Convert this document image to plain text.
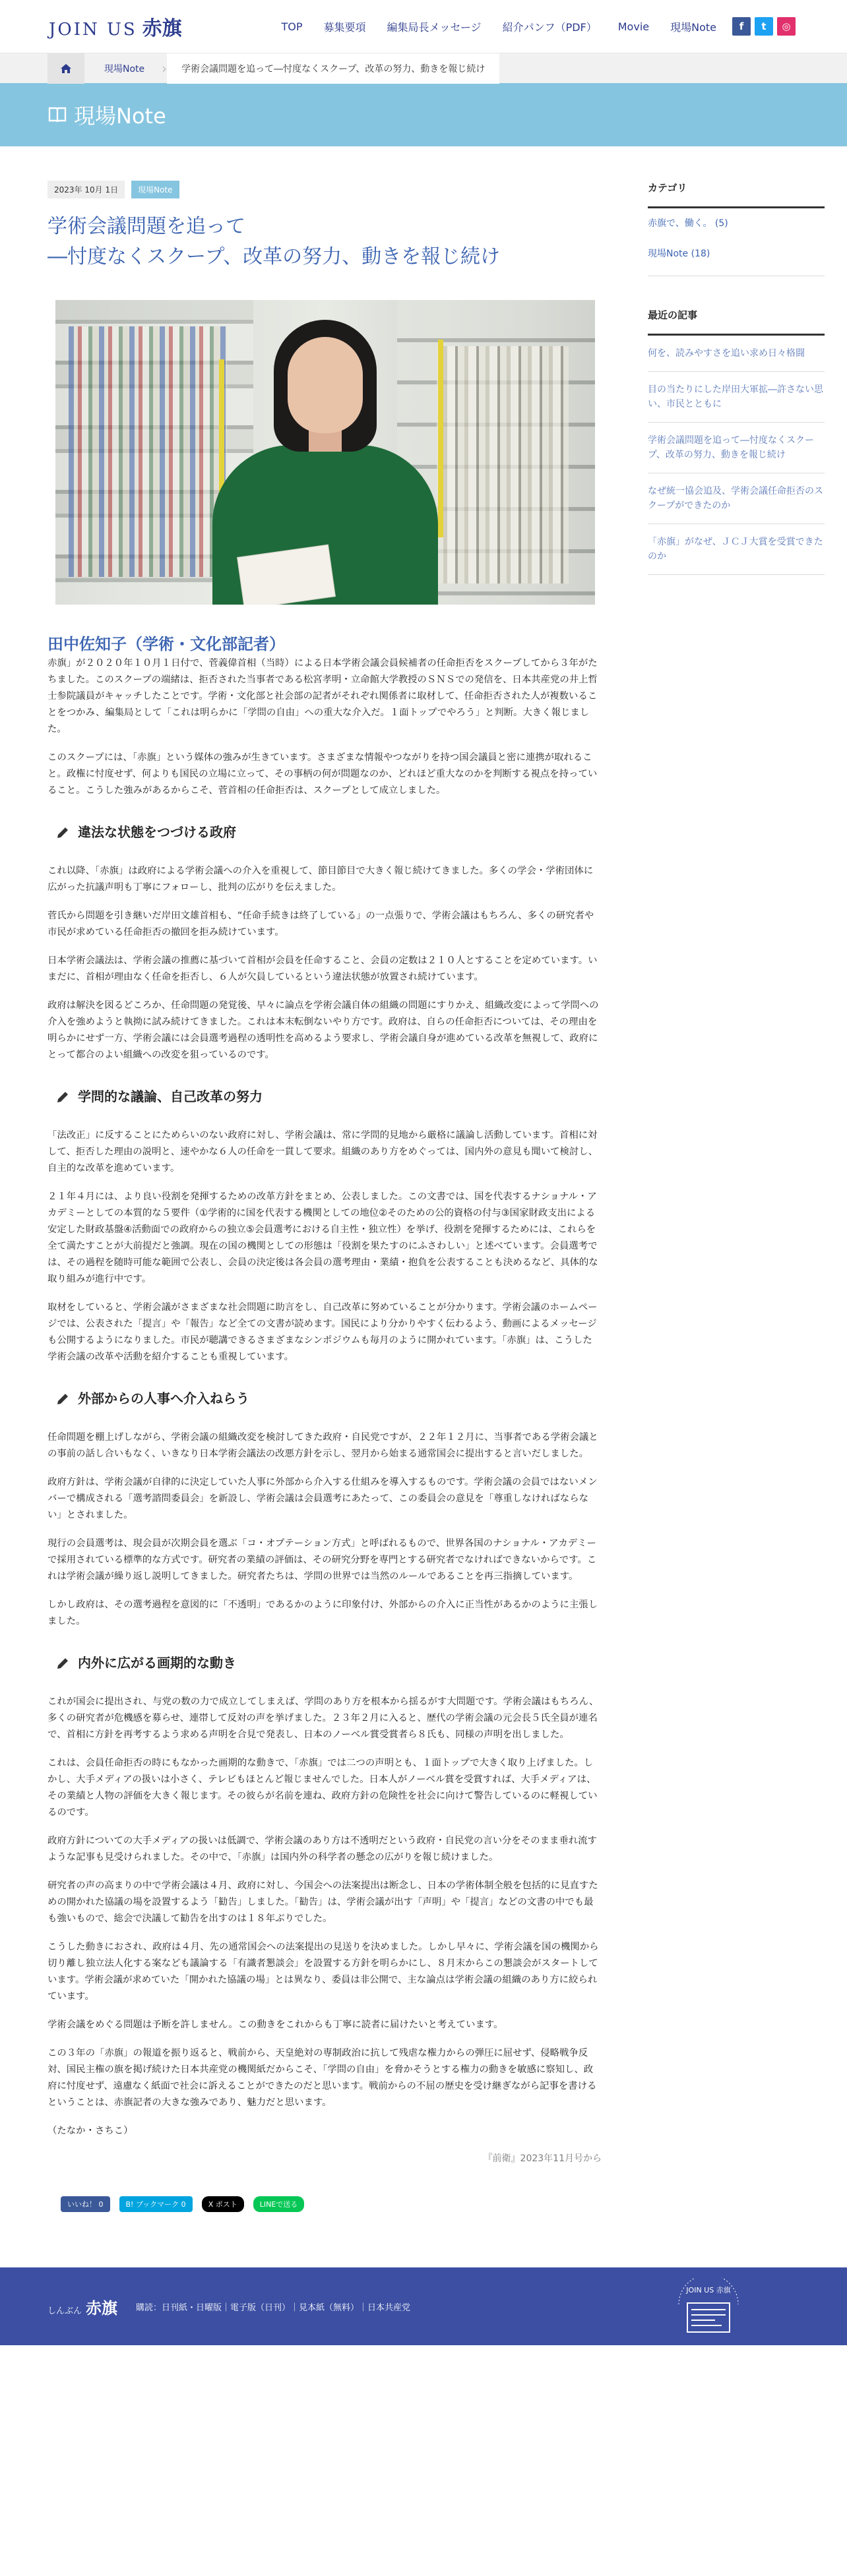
JOIN US 赤旗	TOP 募集要項 編集局長メッセージ 紹介パンフ（PDF） Movie 現場Note	f	t	◎
現場Note	›	学術会議問題を追って―忖度なくスクープ、改革の努力、動きを報じ続け
現場Note
2023年 10月 1日	現場Note
学術会議問題を追って
―忖度なくスクープ、改革の努力、動きを報じ続け
田中佐知子（学術・文化部記者）

赤旗」が２０２０年１０月１日付で、菅義偉首相（当時）による日本学術会議会員候補者の任命拒否をスクープしてから３年がたちました。このスクープの端緒は、拒否された当事者である松宮孝明・立命館大学教授のＳＮＳでの発信を、日本共産党の井上哲士参院議員がキャッチしたことです。学術・文化部と社会部の記者がそれぞれ関係者に取材して、任命拒否された人が複数いることをつかみ、編集局として「これは明らかに「学問の自由」への重大な介入だ。１面トップでやろう」と判断。大きく報じました。

このスクープには、「赤旗」という媒体の強みが生きています。さまざまな情報やつながりを持つ国会議員と密に連携が取れること。政権に忖度せず、何よりも国民の立場に立って、その事柄の何が問題なのか、どれほど重大なのかを判断する視点を持っていること。こうした強みがあるからこそ、菅首相の任命拒否は、スクープとして成立しました。

違法な状態をつづける政府

これ以降、「赤旗」は政府による学術会議への介入を重視して、節目節目で大きく報じ続けてきました。多くの学会・学術団体に広がった抗議声明も丁寧にフォローし、批判の広がりを伝えました。

菅氏から問題を引き継いだ岸田文雄首相も、“任命手続きは終了している」の一点張りで、学術会議はもちろん、多くの研究者や市民が求めている任命拒否の撤回を拒み続けています。

日本学術会議法は、学術会議の推薦に基づいて首相が会員を任命すること、会員の定数は２１０人とすることを定めています。いまだに、首相が理由なく任命を拒否し、６人が欠員しているという違法状態が放置され続けています。

政府は解決を図るどころか、任命問題の発覚後、早々に論点を学術会議自体の組織の問題にすりかえ、組織改変によって学問への介入を強めようと執拗に試み続けてきました。これは本末転倒ないやり方です。政府は、自らの任命拒否については、その理由を明らかにせず一方、学術会議には会員選考過程の透明性を高めるよう要求し、学術会議自身が進めている改革を無視して、政府にとって都合のよい組織への改変を狙っているのです。

学問的な議論、自己改革の努力

「法改正」に反することにためらいのない政府に対し、学術会議は、常に学問的見地から厳格に議論し活動しています。首相に対して、拒否した理由の説明と、速やかな６人の任命を一貫して要求。組織のあり方をめぐっては、国内外の意見も聞いて検討し、自主的な改革を進めています。

２１年４月には、より良い役割を発揮するための改革方針をまとめ、公表しました。この文書では、国を代表するナショナル・アカデミーとしての本質的な５要件（①学術的に国を代表する機関としての地位②そのための公的資格の付与③国家財政支出による安定した財政基盤④活動面での政府からの独立⑤会員選考における自主性・独立性）を挙げ、役割を発揮するためには、これらを全て満たすことが大前提だと強調。現在の国の機関としての形態は「役割を果たすのにふさわしい」と述べています。会員選考では、その過程を随時可能な範囲で公表し、会員の決定後は各会員の選考理由・業績・抱負を公表することも決めるなど、具体的な取り組みが進行中です。

取材をしていると、学術会議がさまざまな社会問題に助言をし、自己改革に努めていることが分かります。学術会議のホームページでは、公表された「提言」や「報告」など全ての文書が読めます。国民により分かりやすく伝わるよう、動画によるメッセージも公開するようになりました。市民が聴講できるさまざまなシンポジウムも毎月のように開かれています。「赤旗」は、こうした学術会議の改革や活動を紹介することも重視しています。

外部からの人事へ介入ねらう

任命問題を棚上げしながら、学術会議の組織改変を検討してきた政府・自民党ですが、２２年１２月に、当事者である学術会議との事前の話し合いもなく、いきなり日本学術会議法の改悪方針を示し、翌月から始まる通常国会に提出すると言いだしました。

政府方針は、学術会議が自律的に決定していた人事に外部から介入する仕組みを導入するものです。学術会議の会員ではないメンバーで構成される「選考諮問委員会」を新設し、学術会議は会員選考にあたって、この委員会の意見を「尊重しなければならない」とされました。

現行の会員選考は、現会員が次期会員を選ぶ「コ・オプテーション方式」と呼ばれるもので、世界各国のナショナル・アカデミーで採用されている標準的な方式です。研究者の業績の評価は、その研究分野を専門とする研究者でなければできないからです。これは学術会議が繰り返し説明してきました。研究者たちは、学問の世界では当然のルールであることを再三指摘しています。

しかし政府は、その選考過程を意図的に「不透明」であるかのように印象付け、外部からの介入に正当性があるかのように主張しました。

内外に広がる画期的な動き

これが国会に提出され、与党の数の力で成立してしまえば、学問のあり方を根本から揺るがす大問題です。学術会議はもちろん、多くの研究者が危機感を募らせ、連帯して反対の声を挙げました。２３年２月に入ると、歴代の学術会議の元会長５氏全員が連名で、首相に方針を再考するよう求める声明を合見で発表し、日本のノーベル賞受賞者ら８氏も、同様の声明を出しました。

これは、会員任命拒否の時にもなかった画期的な動きで、「赤旗」では二つの声明とも、１面トップで大きく取り上げました。しかし、大手メディアの扱いは小さく、テレビもほとんど報じませんでした。日本人がノーベル賞を受賞すれば、大手メディアは、その業績と人物の評価を大きく報じます。その彼らが名前を連ね、政府方針の危険性を社会に向けて警告しているのに軽視しているのです。

政府方針についての大手メディアの扱いは低調で、学術会議のあり方は不透明だという政府・自民党の言い分をそのまま垂れ流すような記事も見受けられました。その中で、「赤旗」は国内外の科学者の懸念の広がりを報じ続けました。

研究者の声の高まりの中で学術会議は４月、政府に対し、今国会への法案提出は断念し、日本の学術体制全般を包括的に見直すための開かれた協議の場を設置するよう「勧告」しました。「勧告」は、学術会議が出す「声明」や「提言」などの文書の中でも最も強いもので、総会で決議して勧告を出すのは１８年ぶりでした。

こうした動きにおされ、政府は４月、先の通常国会への法案提出の見送りを決めました。しかし早々に、学術会議を国の機関から切り離し独立法人化する案なども議論する「有識者懇談会」を設置する方針を明らかにし、８月末からこの懇談会がスタートしています。学術会議が求めていた「開かれた協議の場」とは異なり、委員は非公開で、主な論点は学術会議の組織のあり方に絞られています。

学術会議をめぐる問題は予断を許しません。この動きをこれからも丁寧に読者に届けたいと考えています。

この３年の「赤旗」の報道を振り返ると、戦前から、天皇絶対の専制政治に抗して残虐な権力からの弾圧に屈せず、侵略戦争反対、国民主権の旗を掲げ続けた日本共産党の機関紙だからこそ、「学問の自由」を脅かそうとする権力の動きを敏感に察知し、政府に忖度せず、遠慮なく紙面で社会に訴えることができたのだと思います。戦前からの不屈の歴史を受け継ぎながら記事を書けるということは、赤旗記者の大きな強みであり、魅力だと思います。

（たなか・さちこ）

『前衛』2023年11月号から
いいね！ 0	B! ブックマーク 0	X ポスト	LINEで送る
カテゴリ
赤旗で、働く。 (5)
現場Note (18)
最近の記事
何を、読みやすさを追い求め日々格闘
目の当たりにした岸田大軍拡―許さない思い、市民とともに
学術会議問題を追って―忖度なくスクープ、改革の努力、動きを報じ続け
なぜ統一協会追及、学術会議任命拒否のスクープができたのか
「赤旗」がなぜ、ＪＣＪ大賞を受賞できたのか
しんぶん 赤旗 購読：日刊紙・日曜版｜電子版（日刊）｜見本紙（無料）｜日本共産党
JOIN US 赤旗
